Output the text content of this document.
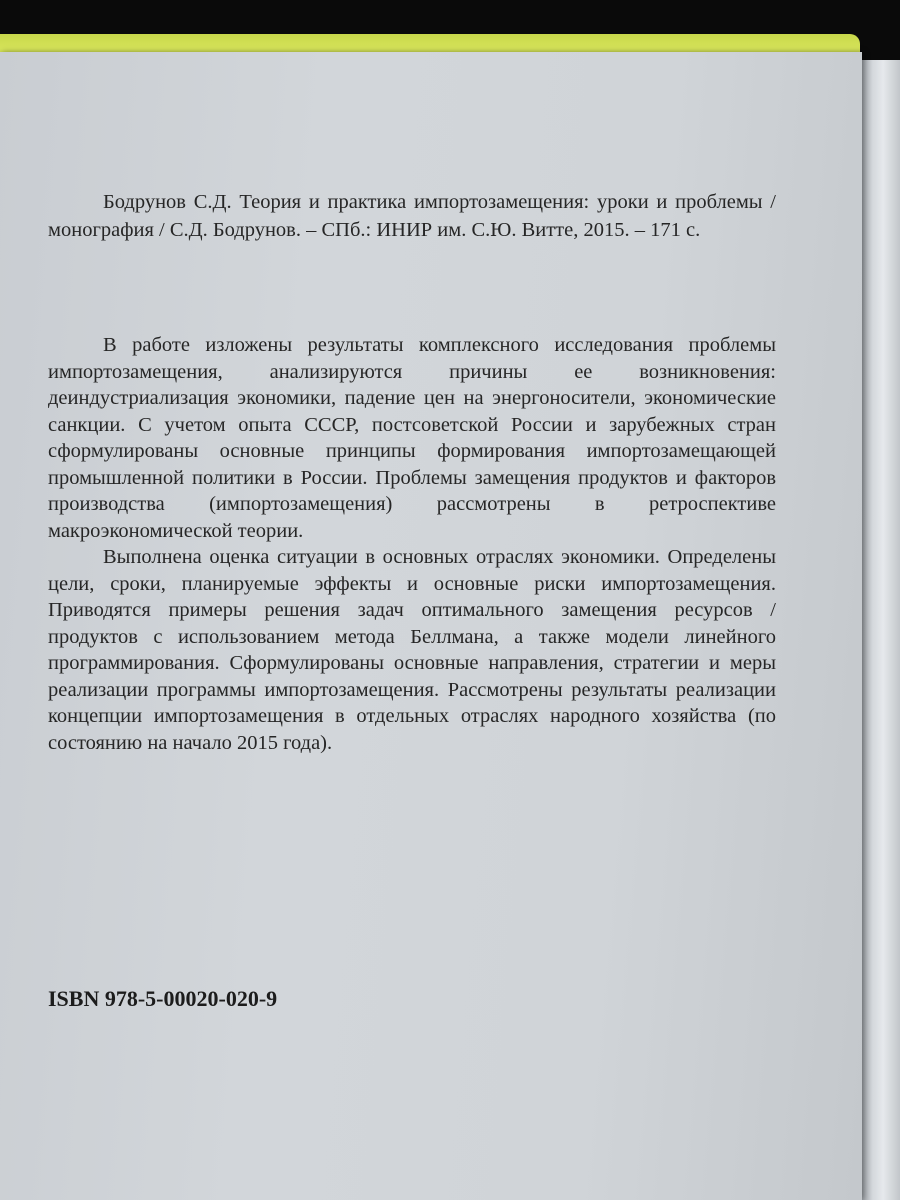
Бодрунов С.Д. Теория и практика импортозамещения: уроки и проблемы / монография / С.Д. Бодрунов. – СПб.: ИНИР им. С.Ю. Витте, 2015. – 171 с.

В работе изложены результаты комплексного исследования проблемы импортозамещения, анализируются причины ее возникновения: деиндустриализация экономики, падение цен на энергоносители, экономические санкции. С учетом опыта СССР, постсоветской России и зарубежных стран сформулированы основные принципы формирования импортозамещающей промышленной политики в России. Проблемы замещения продуктов и факторов производства (импортозамещения) рассмотрены в ретроспективе макроэкономической теории.

Выполнена оценка ситуации в основных отраслях экономики. Определены цели, сроки, планируемые эффекты и основные риски импортозамещения. Приводятся примеры решения задач оптимального замещения ресурсов / продуктов с использованием метода Беллмана, а также модели линейного программирования. Сформулированы основные направления, стратегии и меры реализации программы импортозамещения. Рассмотрены результаты реализации концепции импортозамещения в отдельных отраслях народного хозяйства (по состоянию на начало 2015 года).

ISBN 978-5-00020-020-9
